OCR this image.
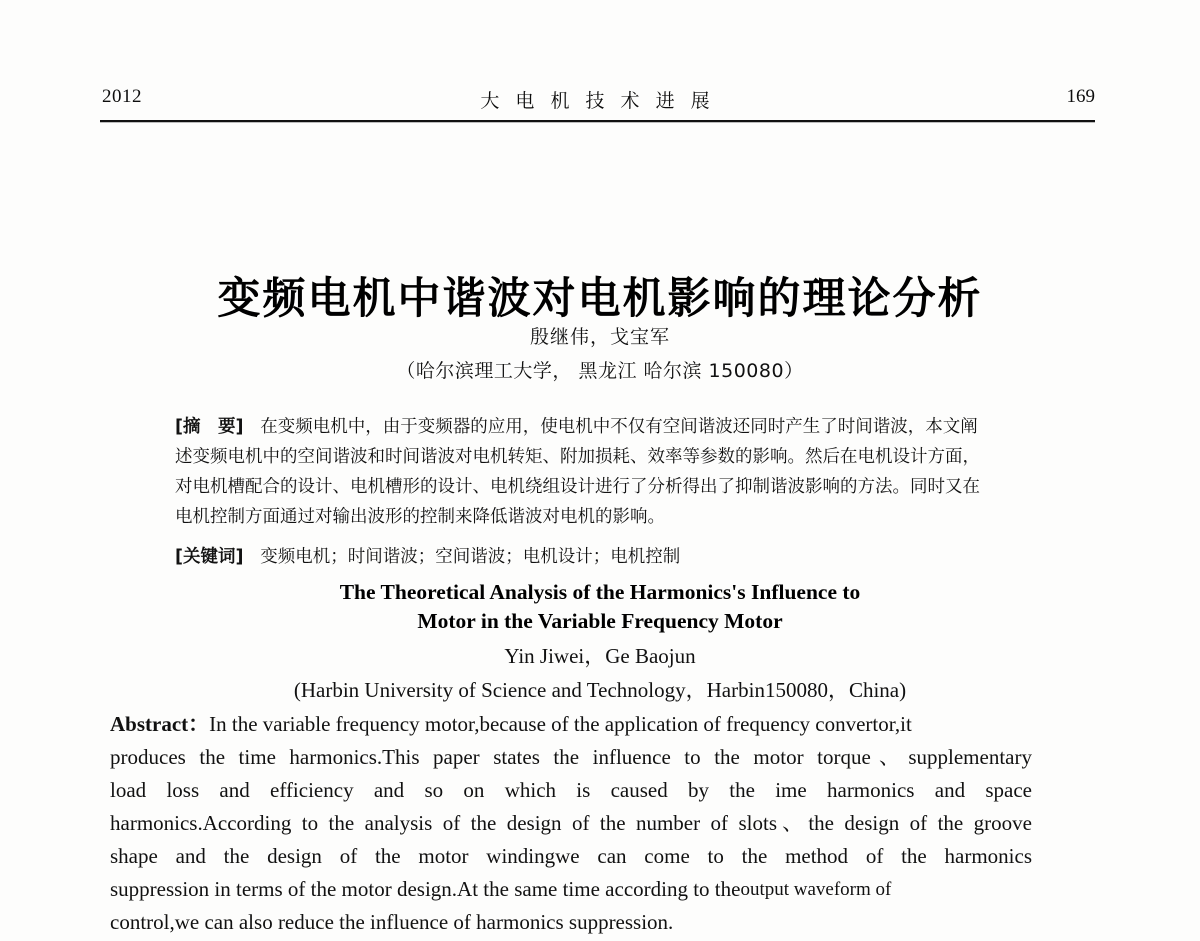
2012	大 电 机 技 术 进 展	169
变频电机中谐波对电机影响的理论分析
殷继伟，戈宝军
（哈尔滨理工大学， 黑龙江 哈尔滨 150080）
[摘　要] 在变频电机中，由于变频器的应用，使电机中不仅有空间谐波还同时产生了时间谐波，本文阐
述变频电机中的空间谐波和时间谐波对电机转矩、附加损耗、效率等参数的影响。然后在电机设计方面，
对电机槽配合的设计、电机槽形的设计、电机绕组设计进行了分析得出了抑制谐波影响的方法。同时又在
电机控制方面通过对输出波形的控制来降低谐波对电机的影响。
[关键词] 变频电机；时间谐波；空间谐波；电机设计；电机控制
The Theoretical Analysis of the Harmonics's Influence to
Motor in the Variable Frequency Motor
Yin Jiwei，Ge Baojun
(Harbin University of Science and Technology，Harbin150080，China)
Abstract： In the variable frequency motor,because of the application of frequency convertor,it
produces the time harmonics.This paper states the influence to the motor torque、supplementary
load loss and efficiency and so on which is caused by the ime harmonics and space
harmonics.According to the analysis of the design of the number of slots、the design of the groove
shape and the design of the motor windingwe can come to the method of the harmonics
suppression in terms of the motor design.At the same time according to the output waveform of
control,we can also reduce the influence of harmonics suppression.
